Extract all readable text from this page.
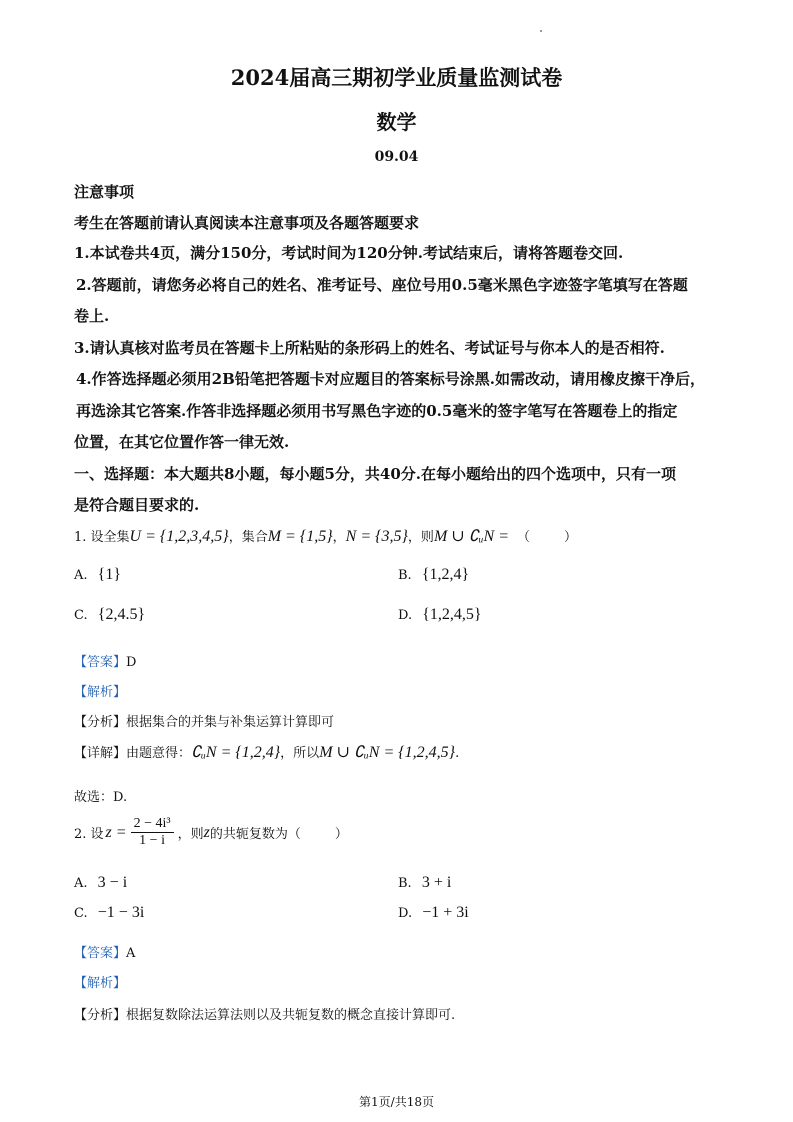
2024届高三期初学业质量监测试卷
数学
09.04
注意事项
考生在答题前请认真阅读本注意事项及各题答题要求
1.本试卷共4页，满分150分，考试时间为120分钟.考试结束后，请将答题卷交回.
2.答题前，请您务必将自己的姓名、准考证号、座位号用0.5毫米黑色字迹签字笔填写在答题
卷上.
3.请认真核对监考员在答题卡上所粘贴的条形码上的姓名、考试证号与你本人的是否相符.
4.作答选择题必须用2B铅笔把答题卡对应题目的答案标号涂黑.如需改动，请用橡皮擦干净后，
再选涂其它答案.作答非选择题必须用书写黑色字迹的0.5毫米的签字笔写在答题卷上的指定
位置，在其它位置作答一律无效.
一、选择题：本大题共8小题，每小题5分，共40分.在每小题给出的四个选项中，只有一项
是符合题目要求的.
1. 设全集 U = {1,2,3,4,5} ，集合 M = {1,5} ， N = {3,5} ，则 M ∪ ∁ᵤN = （	）
A. {1}	B. {1,2,4}
C. {2,4.5}	D. {1,2,4,5}
【答案】D
【解析】
【分析】根据集合的并集与补集运算计算即可
【详解】 由题意得： ∁ᵤN = {1,2,4} ，所以 M ∪ ∁ᵤN = {1,2,4,5} .
故选：D.
2. 设 $z = \frac{\text{2 − 4i³}}{1 - i}$ ，则 z 的共轭复数为（	）
A. 3 − i	B. 3 + i
C. −1 − 3i	D. −1 + 3i
【答案】A
【解析】
【分析】根据复数除法运算法则以及共轭复数的概念直接计算即可.
第1页/共18页
